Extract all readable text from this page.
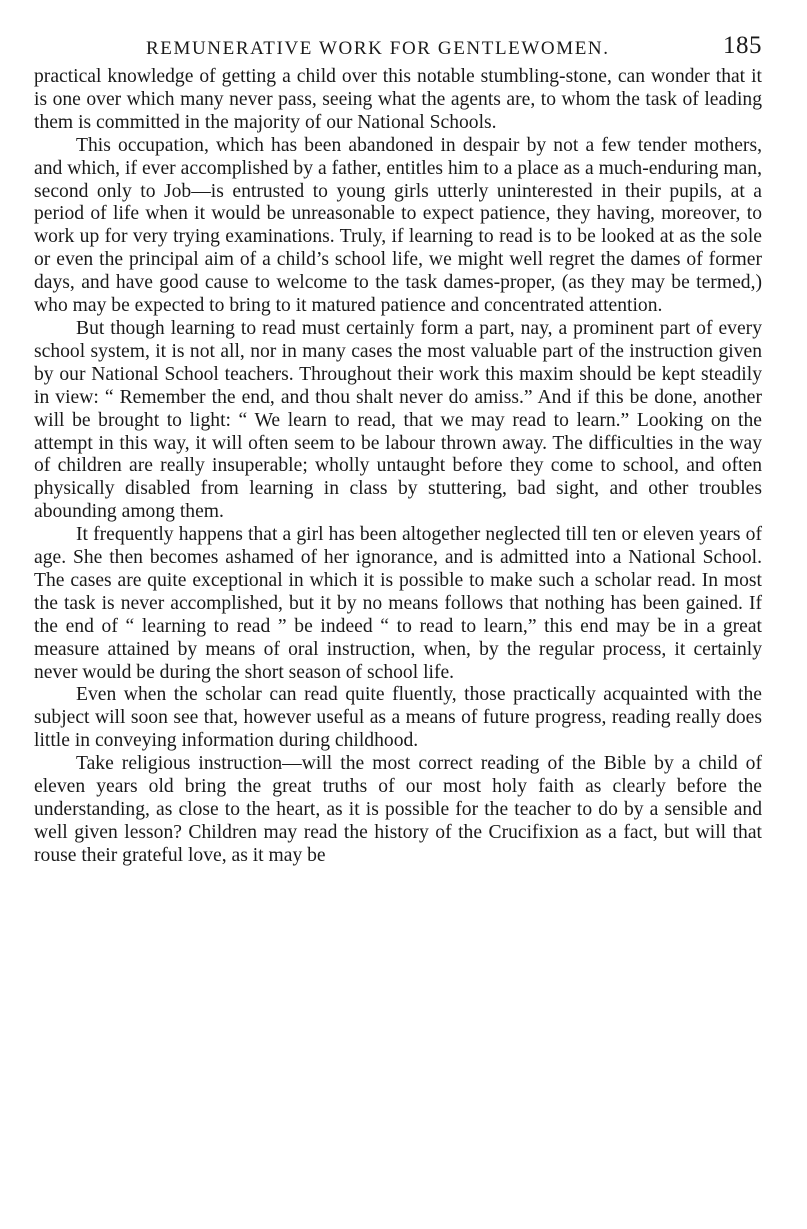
REMUNERATIVE WORK FOR GENTLEWOMEN.	185

practical knowledge of getting a child over this notable stumbling-stone, can wonder that it is one over which many never pass, seeing what the agents are, to whom the task of leading them is committed in the majority of our National Schools.

This occupation, which has been abandoned in despair by not a few tender mothers, and which, if ever accomplished by a father, entitles him to a place as a much-enduring man, second only to Job—is entrusted to young girls utterly uninterested in their pupils, at a period of life when it would be unreasonable to expect patience, they having, moreover, to work up for very trying examinations. Truly, if learning to read is to be looked at as the sole or even the principal aim of a child’s school life, we might well regret the dames of former days, and have good cause to welcome to the task dames-proper, (as they may be termed,) who may be expected to bring to it matured patience and concentrated attention.

But though learning to read must certainly form a part, nay, a prominent part of every school system, it is not all, nor in many cases the most valuable part of the instruction given by our National School teachers. Throughout their work this maxim should be kept steadily in view: “ Remember the end, and thou shalt never do amiss.” And if this be done, another will be brought to light: “ We learn to read, that we may read to learn.” Looking on the attempt in this way, it will often seem to be labour thrown away. The difficulties in the way of children are really insuperable; wholly untaught before they come to school, and often physically disabled from learning in class by stuttering, bad sight, and other troubles abounding among them.

It frequently happens that a girl has been altogether neglected till ten or eleven years of age. She then becomes ashamed of her ignorance, and is admitted into a National School. The cases are quite exceptional in which it is possible to make such a scholar read. In most the task is never accomplished, but it by no means follows that nothing has been gained. If the end of “ learning to read ” be indeed “ to read to learn,” this end may be in a great measure attained by means of oral instruction, when, by the regular process, it certainly never would be during the short season of school life.

Even when the scholar can read quite fluently, those practically acquainted with the subject will soon see that, however useful as a means of future progress, reading really does little in conveying information during childhood.

Take religious instruction—will the most correct reading of the Bible by a child of eleven years old bring the great truths of our most holy faith as clearly before the understanding, as close to the heart, as it is possible for the teacher to do by a sensible and well given lesson? Children may read the history of the Crucifixion as a fact, but will that rouse their grateful love, as it may be
